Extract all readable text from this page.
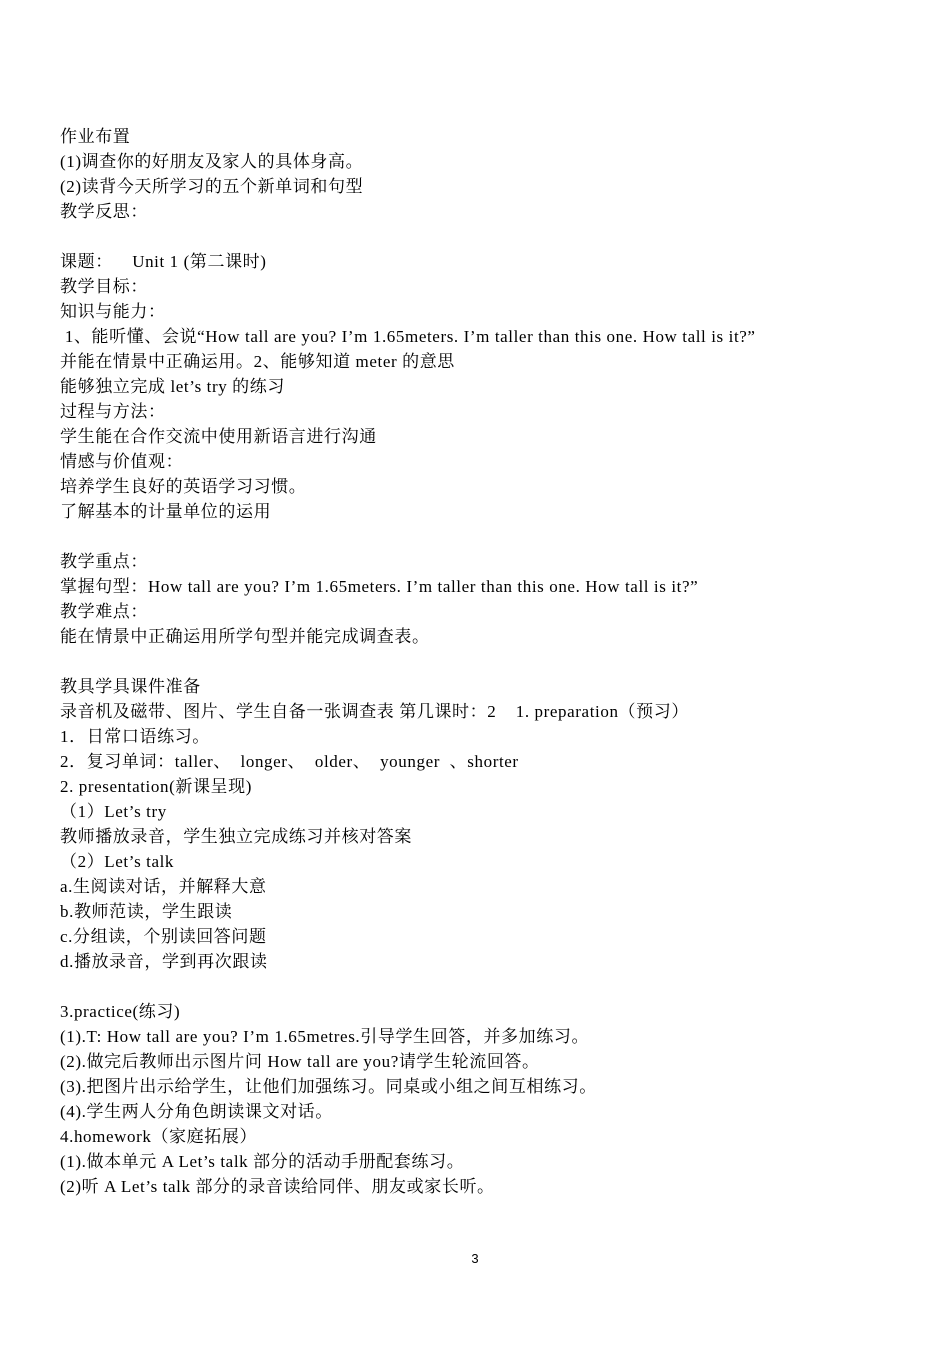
作业布置
(1)调查你的好朋友及家人的具体身高。
(2)读背今天所学习的五个新单词和句型
教学反思：
课题：    Unit 1 (第二课时)
教学目标：
知识与能力：
1、能听懂、会说“How tall are you? I’m 1.65meters. I’m taller than this one. How tall is it?”
并能在情景中正确运用。2、能够知道 meter 的意思
能够独立完成 let’s try 的练习
过程与方法：
学生能在合作交流中使用新语言进行沟通
情感与价值观：
培养学生良好的英语学习习惯。
了解基本的计量单位的运用
教学重点：
掌握句型：How tall are you? I’m 1.65meters. I’m taller than this one. How tall is it?”
教学难点：
能在情景中正确运用所学句型并能完成调查表。
教具学具课件准备
录音机及磁带、图片、学生自备一张调查表 第几课时：2    1. preparation（预习）
1．日常口语练习。
2．复习单词：taller、  longer、  older、  younger  、shorter
2. presentation(新课呈现)
（1）Let’s try
教师播放录音，学生独立完成练习并核对答案
（2）Let’s talk
a.生阅读对话，并解释大意
b.教师范读，学生跟读
c.分组读，个别读回答问题
d.播放录音，学到再次跟读
3.practice(练习)
(1).T: How tall are you? I’m 1.65metres.引导学生回答，并多加练习。
(2).做完后教师出示图片问 How tall are you?请学生轮流回答。
(3).把图片出示给学生，让他们加强练习。同桌或小组之间互相练习。
(4).学生两人分角色朗读课文对话。
4.homework（家庭拓展）
(1).做本单元 A Let’s talk 部分的活动手册配套练习。
(2)听 A Let’s talk 部分的录音读给同伴、朋友或家长听。
3
